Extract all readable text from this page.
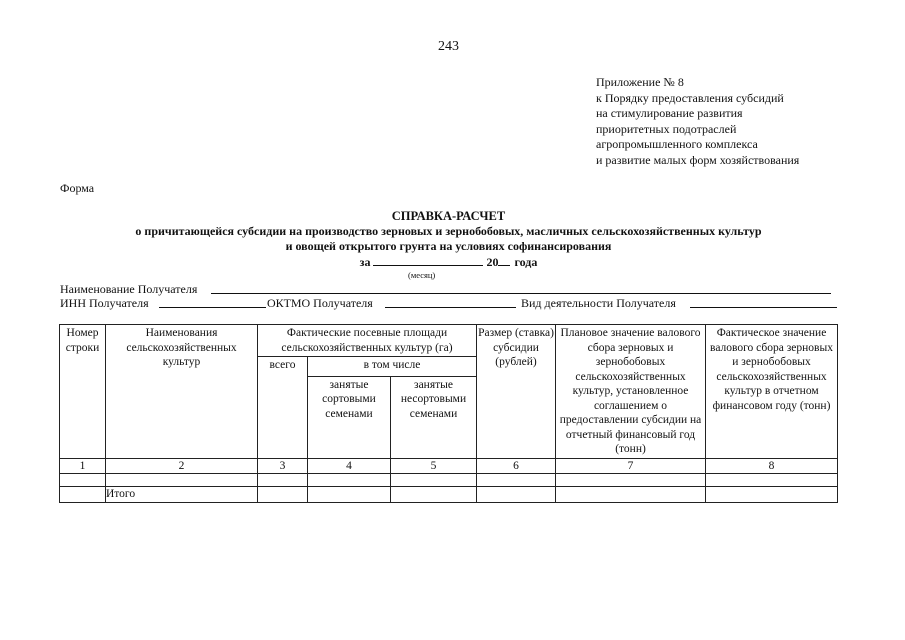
243
Приложение № 8
к Порядку предоставления субсидий
на стимулирование развития
приоритетных подотраслей
агропромышленного комплекса
и развитие малых форм хозяйствования
Форма
СПРАВКА-РАСЧЕТ
о причитающейся субсидии на производство зерновых и зернобобовых, масличных сельскохозяйственных культур
и овощей открытого грунта на условиях софинансирования
за	20 года
(месяц)
Наименование Получателя
ИНН Получателя	ОКТМО Получателя	Вид деятельности Получателя
Номер строки	Наименования сельскохозяйственных культур	Фактические посевные площади сельскохозяйственных культур (га)			Размер (ставка) субсидии (рублей)	Плановое значение валового сбора зерновых и зернобобовых сельскохозяйственных культур, установленное соглашением о предоставлении субсидии на отчетный финансовый год (тонн)	Фактическое значение валового сбора зерновых и зернобобовых сельскохозяйственных культур в отчетном финансовом году (тонн)
		всего	в том числе				
			занятые сортовыми семенами	занятые несортовыми семенами			
1	2	3	4	5	6	7	8

	Итого						
